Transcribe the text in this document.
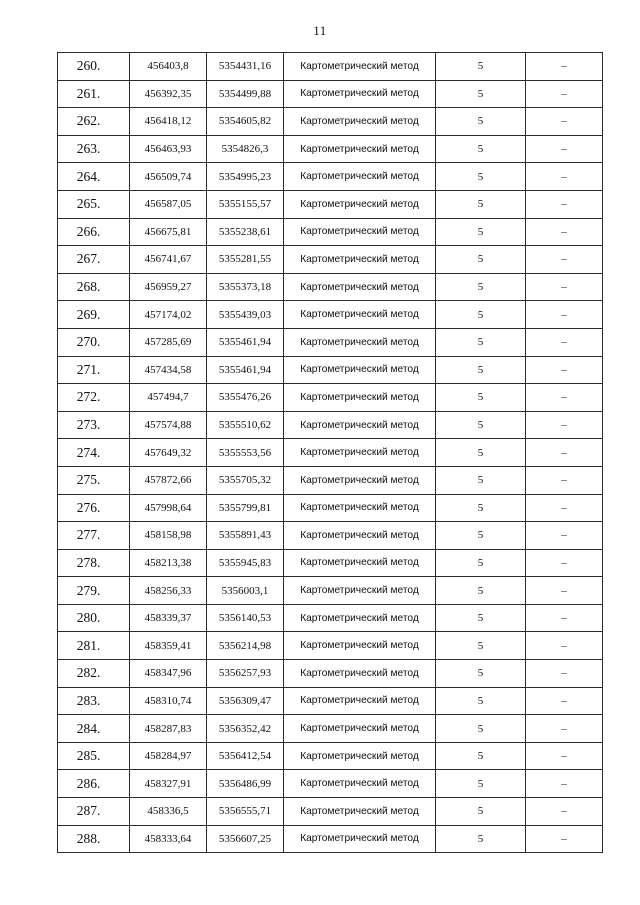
11
260.	456403,8	5354431,16	Картометрический метод	5	–
261.	456392,35	5354499,88	Картометрический метод	5	–
262.	456418,12	5354605,82	Картометрический метод	5	–
263.	456463,93	5354826,3	Картометрический метод	5	–
264.	456509,74	5354995,23	Картометрический метод	5	–
265.	456587,05	5355155,57	Картометрический метод	5	–
266.	456675,81	5355238,61	Картометрический метод	5	–
267.	456741,67	5355281,55	Картометрический метод	5	–
268.	456959,27	5355373,18	Картометрический метод	5	–
269.	457174,02	5355439,03	Картометрический метод	5	–
270.	457285,69	5355461,94	Картометрический метод	5	–
271.	457434,58	5355461,94	Картометрический метод	5	–
272.	457494,7	5355476,26	Картометрический метод	5	–
273.	457574,88	5355510,62	Картометрический метод	5	–
274.	457649,32	5355553,56	Картометрический метод	5	–
275.	457872,66	5355705,32	Картометрический метод	5	–
276.	457998,64	5355799,81	Картометрический метод	5	–
277.	458158,98	5355891,43	Картометрический метод	5	–
278.	458213,38	5355945,83	Картометрический метод	5	–
279.	458256,33	5356003,1	Картометрический метод	5	–
280.	458339,37	5356140,53	Картометрический метод	5	–
281.	458359,41	5356214,98	Картометрический метод	5	–
282.	458347,96	5356257,93	Картометрический метод	5	–
283.	458310,74	5356309,47	Картометрический метод	5	–
284.	458287,83	5356352,42	Картометрический метод	5	–
285.	458284,97	5356412,54	Картометрический метод	5	–
286.	458327,91	5356486,99	Картометрический метод	5	–
287.	458336,5	5356555,71	Картометрический метод	5	–
288.	458333,64	5356607,25	Картометрический метод	5	–
